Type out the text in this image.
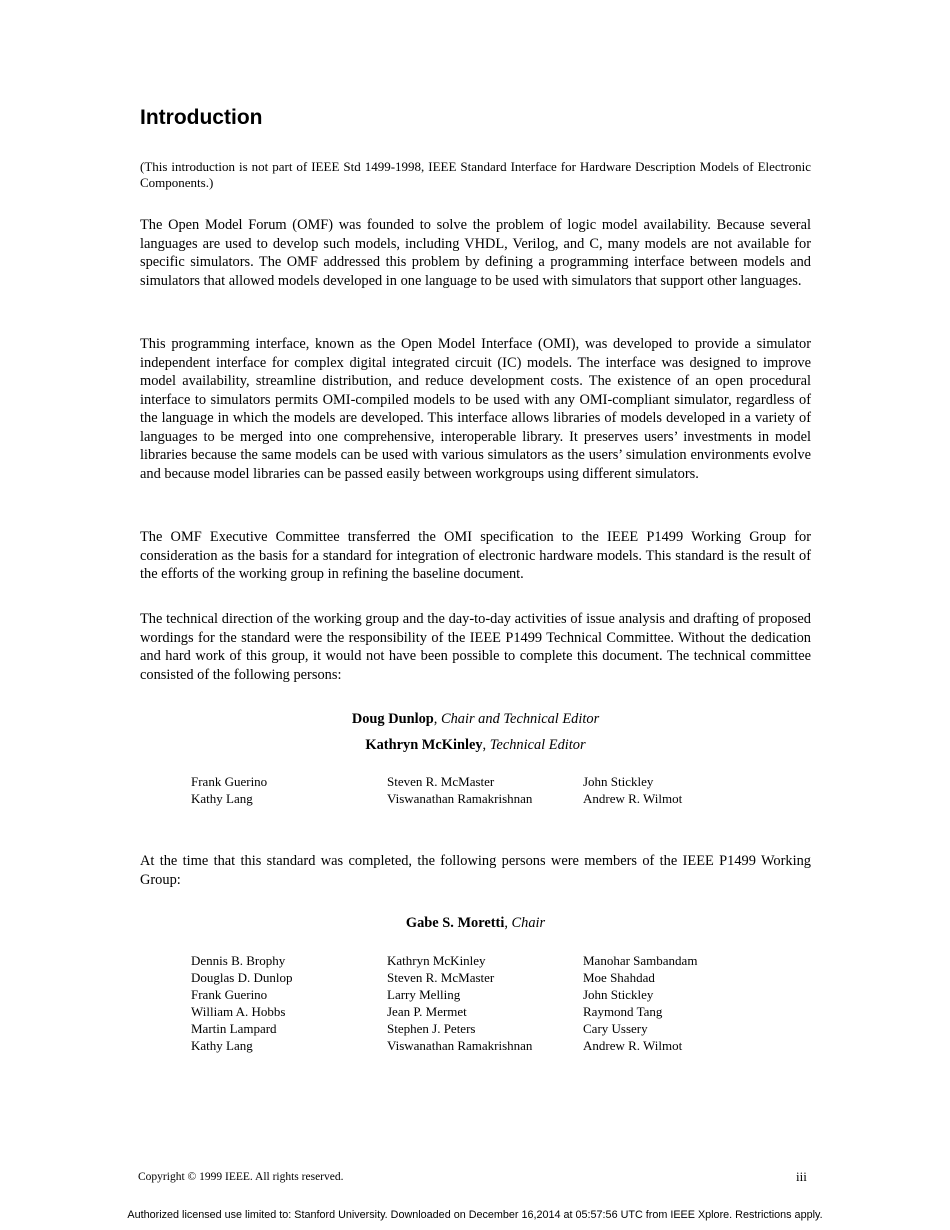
Introduction

(This introduction is not part of IEEE Std 1499-1998, IEEE Standard Interface for Hardware Description Models of Electronic Components.)

The Open Model Forum (OMF) was founded to solve the problem of logic model availability. Because several languages are used to develop such models, including VHDL, Verilog, and C, many models are not available for specific simulators. The OMF addressed this problem by defining a programming interface between models and simulators that allowed models developed in one language to be used with simulators that support other languages.

This programming interface, known as the Open Model Interface (OMI), was developed to provide a simulator independent interface for complex digital integrated circuit (IC) models. The interface was designed to improve model availability, streamline distribution, and reduce development costs. The existence of an open procedural interface to simulators permits OMI-compiled models to be used with any OMI-compliant simulator, regardless of the language in which the models are developed. This interface allows libraries of models developed in a variety of languages to be merged into one comprehensive, interoperable library. It preserves users’ investments in model libraries because the same models can be used with various simulators as the users’ simulation environments evolve and because model libraries can be passed easily between workgroups using different simulators.

The OMF Executive Committee transferred the OMI specification to the IEEE P1499 Working Group for consideration as the basis for a standard for integration of electronic hardware models. This standard is the result of the efforts of the working group in refining the baseline document.

The technical direction of the working group and the day-to-day activities of issue analysis and drafting of proposed wordings for the standard were the responsibility of the IEEE P1499 Technical Committee. Without the dedication and hard work of this group, it would not have been possible to complete this document. The technical committee consisted of the following persons:

Doug Dunlop, Chair and Technical Editor
Kathryn McKinley, Technical Editor
Frank Guerino
Kathy Lang
Steven R. McMaster
Viswanathan Ramakrishnan
John Stickley
Andrew R. Wilmot

At the time that this standard was completed, the following persons were members of the IEEE P1499 Working Group:

Gabe S. Moretti, Chair
Dennis B. Brophy
Douglas D. Dunlop
Frank Guerino
William A. Hobbs
Martin Lampard
Kathy Lang
Kathryn McKinley
Steven R. McMaster
Larry Melling
Jean P. Mermet
Stephen J. Peters
Viswanathan Ramakrishnan
Manohar Sambandam
Moe Shahdad
John Stickley
Raymond Tang
Cary Ussery
Andrew R. Wilmot
Copyright © 1999 IEEE. All rights reserved.	iii
Authorized licensed use limited to: Stanford University. Downloaded on December 16,2014 at 05:57:56 UTC from IEEE Xplore. Restrictions apply.
